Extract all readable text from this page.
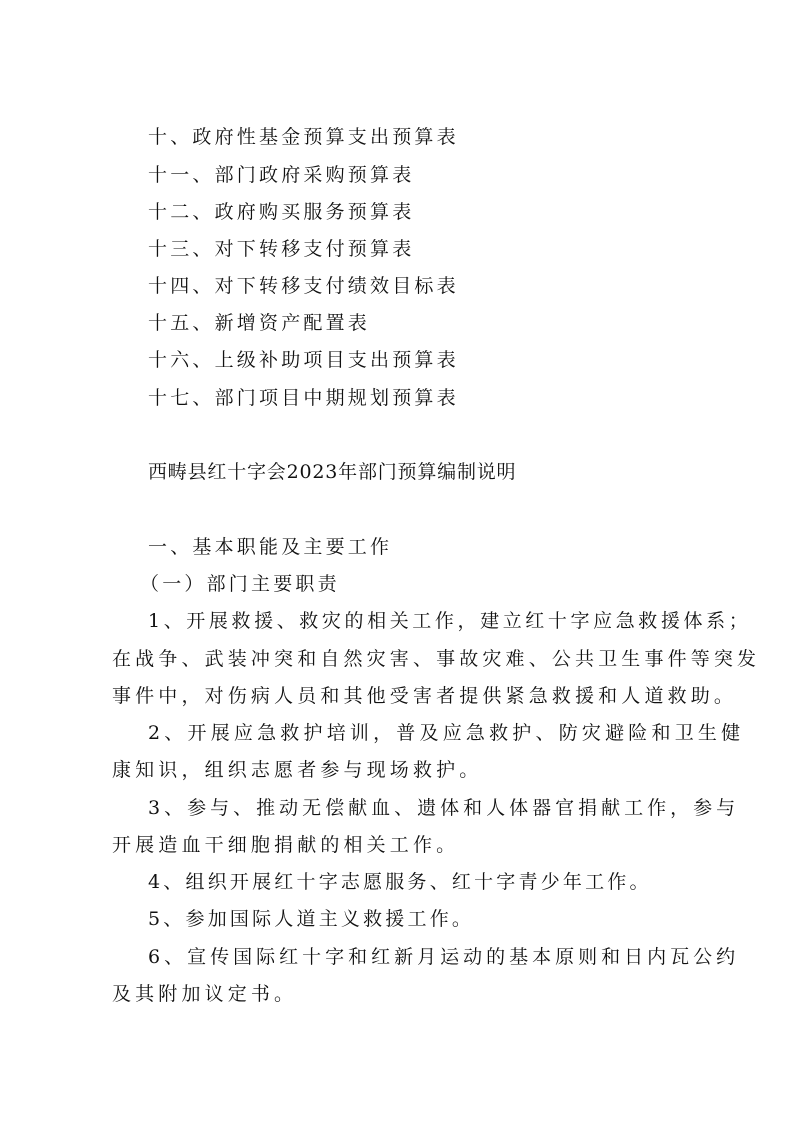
十、政府性基金预算支出预算表
十一、部门政府采购预算表
十二、政府购买服务预算表
十三、对下转移支付预算表
十四、对下转移支付绩效目标表
十五、新增资产配置表
十六、上级补助项目支出预算表
十七、部门项目中期规划预算表
西畴县红十字会2023年部门预算编制说明
一、基本职能及主要工作
（一）部门主要职责
1、开展救援、救灾的相关工作，建立红十字应急救援体系；
在战争、武装冲突和自然灾害、事故灾难、公共卫生事件等突发
事件中，对伤病人员和其他受害者提供紧急救援和人道救助。
2、开展应急救护培训，普及应急救护、防灾避险和卫生健
康知识，组织志愿者参与现场救护。
3、参与、推动无偿献血、遗体和人体器官捐献工作，参与
开展造血干细胞捐献的相关工作。
4、组织开展红十字志愿服务、红十字青少年工作。
5、参加国际人道主义救援工作。
6、宣传国际红十字和红新月运动的基本原则和日内瓦公约
及其附加议定书。
